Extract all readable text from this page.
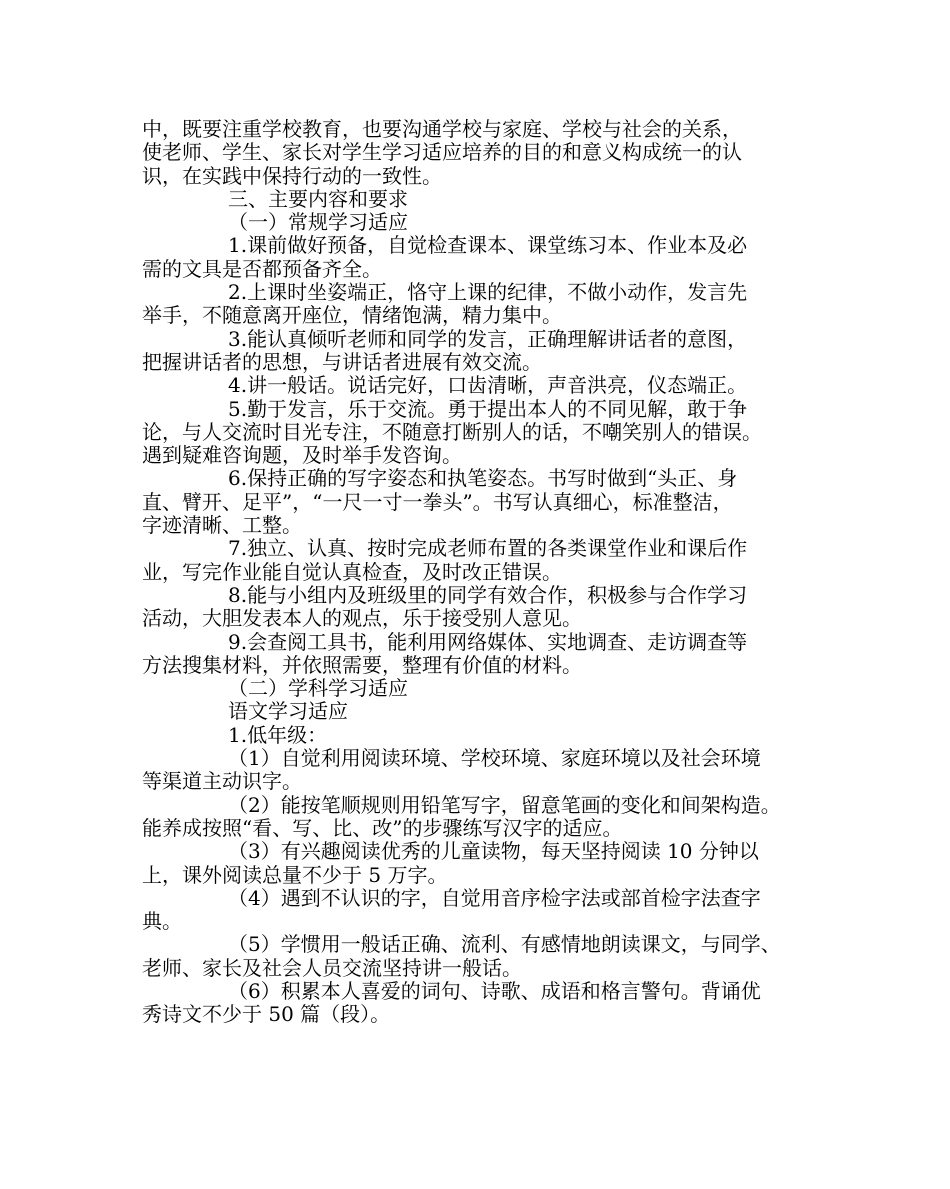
中，既要注重学校教育，也要沟通学校与家庭、学校与社会的关系，
使老师、学生、家长对学生学习适应培养的目的和意义构成统一的认
识，在实践中保持行动的一致性。
三、主要内容和要求
（一）常规学习适应
1.课前做好预备，自觉检查课本、课堂练习本、作业本及必
需的文具是否都预备齐全。
2.上课时坐姿端正，恪守上课的纪律，不做小动作，发言先
举手，不随意离开座位，情绪饱满，精力集中。
3.能认真倾听老师和同学的发言，正确理解讲话者的意图，
把握讲话者的思想，与讲话者进展有效交流。
4.讲一般话。说话完好，口齿清晰，声音洪亮，仪态端正。
5.勤于发言，乐于交流。勇于提出本人的不同见解，敢于争
论，与人交流时目光专注，不随意打断别人的话，不嘲笑别人的错误。
遇到疑难咨询题，及时举手发咨询。
6.保持正确的写字姿态和执笔姿态。书写时做到“头正、身
直、臂开、足平”，“一尺一寸一拳头”。书写认真细心，标准整洁，
字迹清晰、工整。
7.独立、认真、按时完成老师布置的各类课堂作业和课后作
业，写完作业能自觉认真检查，及时改正错误。
8.能与小组内及班级里的同学有效合作，积极参与合作学习
活动，大胆发表本人的观点，乐于接受别人意见。
9.会查阅工具书，能利用网络媒体、实地调查、走访调查等
方法搜集材料，并依照需要，整理有价值的材料。
（二）学科学习适应
语文学习适应
1.低年级：
（1）自觉利用阅读环境、学校环境、家庭环境以及社会环境
等渠道主动识字。
（2）能按笔顺规则用铅笔写字，留意笔画的变化和间架构造。
能养成按照“看、写、比、改”的步骤练写汉字的适应。
（3）有兴趣阅读优秀的儿童读物，每天坚持阅读 10 分钟以
上，课外阅读总量不少于 5 万字。
（4）遇到不认识的字，自觉用音序检字法或部首检字法查字
典。
（5）学惯用一般话正确、流利、有感情地朗读课文，与同学、
老师、家长及社会人员交流坚持讲一般话。
（6）积累本人喜爱的词句、诗歌、成语和格言警句。背诵优
秀诗文不少于 50 篇（段）。
